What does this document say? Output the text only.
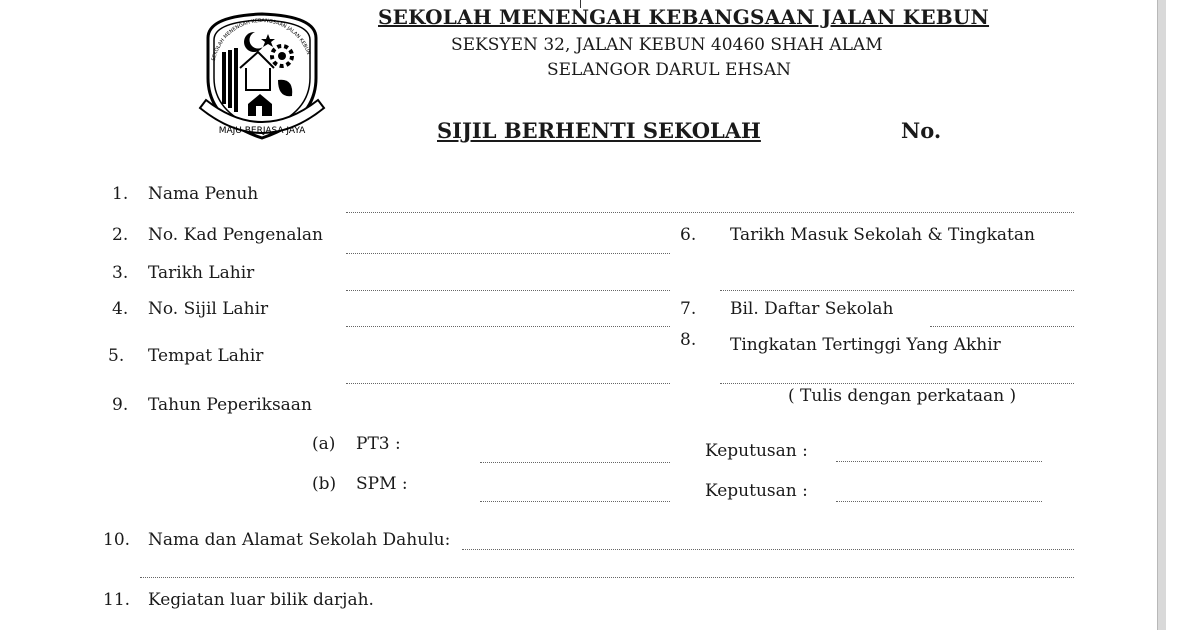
SEKOLAH MENENGAH KEBANGSAAN JALAN KEBUN
MAJU BERJASA JAYA
SEKOLAH MENENGAH KEBANGSAAN JALAN KEBUN
SEKSYEN 32, JALAN KEBUN 40460 SHAH ALAM
SELANGOR DARUL EHSAN
SIJIL BERHENTI SEKOLAH	No.
1. Nama Penuh
2. No. Kad Pengenalan	6. Tarikh Masuk Sekolah & Tingkatan
3. Tarikh Lahir
4. No. Sijil Lahir	7. Bil. Daftar Sekolah
8. Tingkatan Tertinggi Yang Akhir
( Tulis dengan perkataan )
5. Tempat Lahir
9. Tahun Peperiksaan
(a) PT3 :	Keputusan :
(b) SPM :	Keputusan :
10. Nama dan Alamat Sekolah Dahulu:
11. Kegiatan luar bilik darjah.
